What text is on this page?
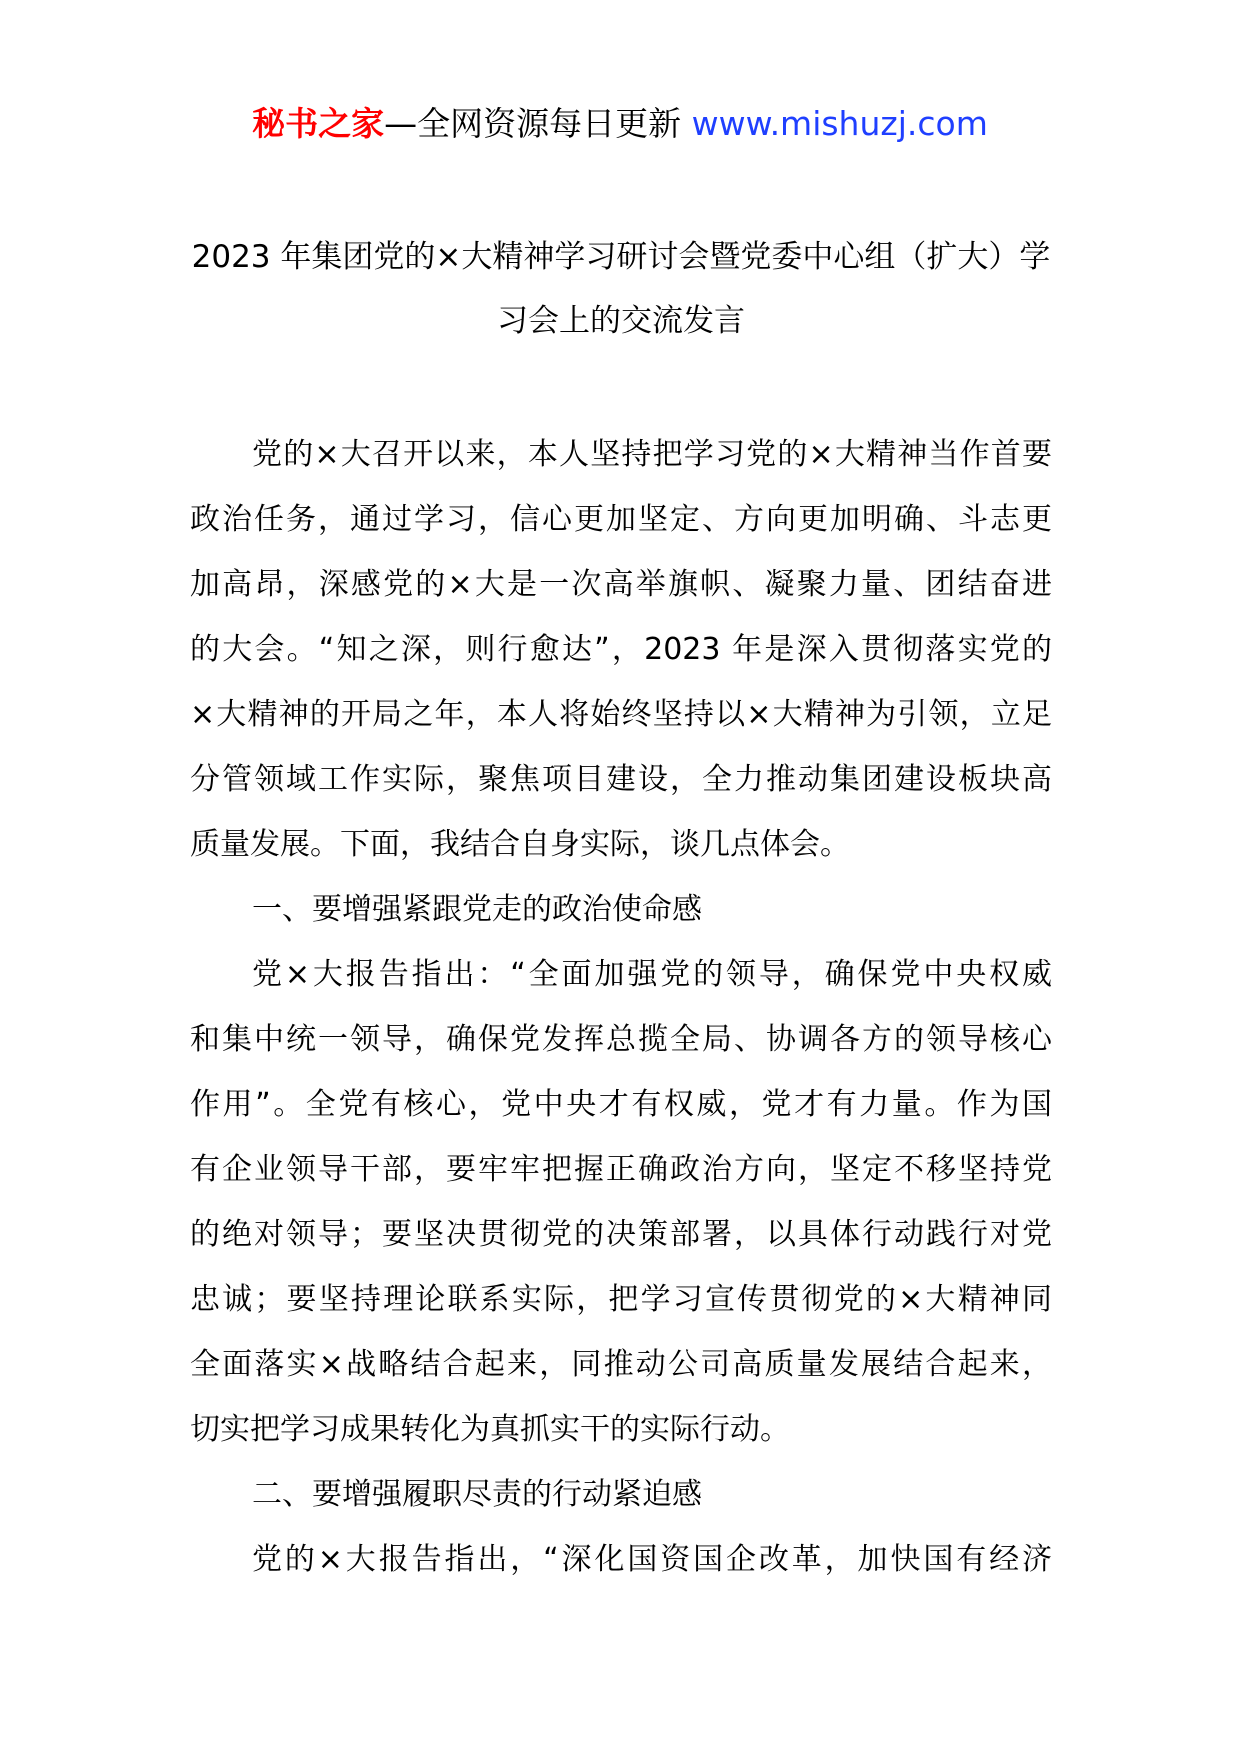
秘书之家—全网资源每日更新 www.mishuzj.com
2023 年集团党的×大精神学习研讨会暨党委中心组（扩大）学
习会上的交流发言
党的×大召开以来，本人坚持把学习党的×大精神当作首要
政治任务，通过学习，信心更加坚定、方向更加明确、斗志更
加高昂，深感党的×大是一次高举旗帜、凝聚力量、团结奋进
的大会。“知之深，则行愈达”，2023 年是深入贯彻落实党的
×大精神的开局之年，本人将始终坚持以×大精神为引领，立足
分管领域工作实际，聚焦项目建设，全力推动集团建设板块高
质量发展。下面，我结合自身实际，谈几点体会。
一、要增强紧跟党走的政治使命感
党×大报告指出：“全面加强党的领导，确保党中央权威
和集中统一领导，确保党发挥总揽全局、协调各方的领导核心
作用”。全党有核心，党中央才有权威，党才有力量。作为国
有企业领导干部，要牢牢把握正确政治方向，坚定不移坚持党
的绝对领导；要坚决贯彻党的决策部署，以具体行动践行对党
忠诚；要坚持理论联系实际，把学习宣传贯彻党的×大精神同
全面落实×战略结合起来，同推动公司高质量发展结合起来，
切实把学习成果转化为真抓实干的实际行动。
二、要增强履职尽责的行动紧迫感
党的×大报告指出，“深化国资国企改革，加快国有经济
